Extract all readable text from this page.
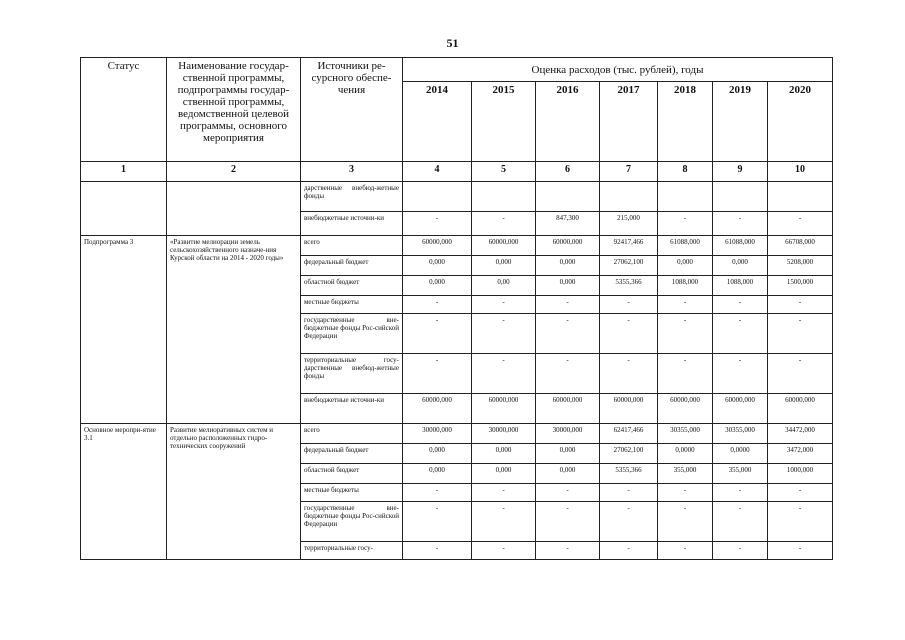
51
Статус	Наименование государ-ственной программы, подпрограммы государ-ственной программы, ведомственной целевой программы, основного мероприятия	Источники ре-сурсного обеспе-чения	Оценка расходов (тыс. рублей), годы						
			2014	2015	2016	2017	2018	2019	2020
1	2	3	4	5	6	7	8	9	10
		дарственные внебюд-жетные фонды							
		внебюджетные источни-ки	-	-	847,300	215,000	-	-	-
Подпрограмма 3	«Развитие мелиорации земель сельскохозяйственного назначе-ния Курской области на 2014 - 2020 годы»	всего	60000,000	60000,000	60000,000	92417,466	61088,000	61088,000	66708,000
		федеральный бюджет	0,000	0,000	0,000	27062,100	0,000	0,000	5208,000
		областной бюджет	0,000	0,00	0,000	5355,366	1088,000	1088,000	1500,000
		местные бюджеты	-	-	-	-	-	-	-
		государственные вне-бюджетные фонды Рос-сийской Федерации	-	-	-	-	-	-	-
		территориальные госу-дарственные внебюд-жетные фонды	-	-	-	-	-	-	-
		внебюджетные источни-ки	60000,000	60000,000	60000,000	60000,000	60000,000	60000,000	60000,000
Основное меропри-ятие 3.1	Развитие мелиоративных систем и отдельно расположенных гидро-технических сооружений	всего	30000,000	30000,000	30000,000	62417,466	30355,000	30355,000	34472,000
		федеральный бюджет	0,000	0,000	0,000	27062,100	0,0000	0,0000	3472,000
		областной бюджет	0,000	0,000	0,000	5355,366	355,000	355,000	1000,000
		местные бюджеты	-	-	-	-	-	-	-
		государственные вне-бюджетные фонды Рос-сийской Федерации	-	-	-	-	-	-	-
		территориальные госу-	-	-	-	-	-	-	-
